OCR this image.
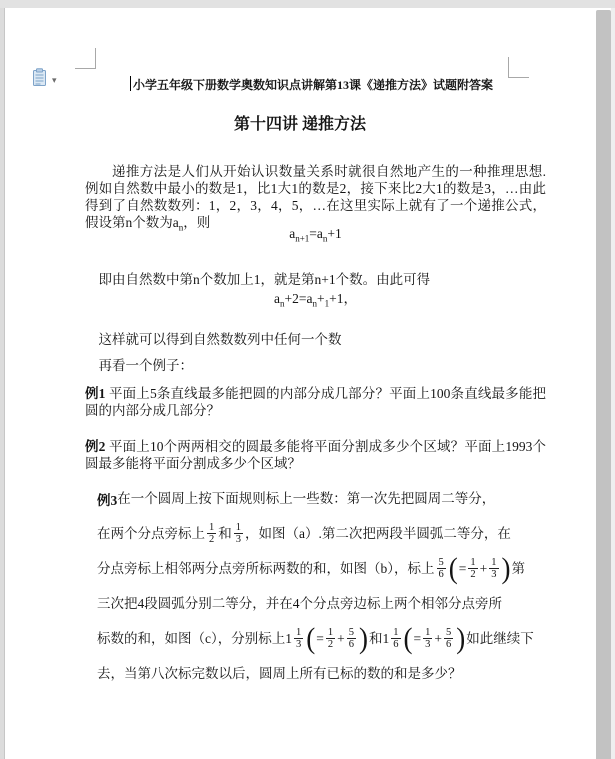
▾	小学五年级下册数学奥数知识点讲解第13课《递推方法》试题附答案
第十四讲 递推方法

递推方法是人们从开始认识数量关系时就很自然地产生的一种推理思想.例如自然数中最小的数是1，比1大1的数是2，接下来比2大1的数是3，…由此得到了自然数数列：1，2，3，4，5，…在这里实际上就有了一个递推公式，假设第n个数为$a_n$，则

$a_{n+1}=a_n+1$

即由自然数中第n个数加上1，就是第n+1个数。由此可得

$a_n+2=a_n+_1+1$，

这样就可以得到自然数数列中任何一个数

再看一个例子：

例1 平面上5条直线最多能把圆的内部分成几部分？平面上100条直线最多能把圆的内部分成几部分？

例2 平面上10个两两相交的圆最多能将平面分割成多少个区域？平面上1993个圆最多能将平面分割成多少个区域？

例3 在一个圆周上按下面规则标上一些数：第一次先把圆周二等分，
在两个分点旁标上 $\frac{1}{2}$ 和 $\frac{1}{3}$ ，如图（a）.第二次把两段半圆弧二等分，在
分点旁标上相邻两分点旁所标两数的和，如图（b），标上 $\frac{5}{6}$ ( = $\frac{1}{2} + \frac{1}{3}$ ) 第
三次把4段圆弧分别二等分，并在4个分点旁边标上两个相邻分点旁所
标数的和，如图（c），分别标上$1 \frac{1}{3}$ ( = $\frac{1}{2} + \frac{5}{6}$ ) 和$1 \frac{1}{6}$ ( = $\frac{1}{3} + \frac{5}{6}$ ) 如此继续下
去，当第八次标完数以后，圆周上所有已标的数的和是多少？
